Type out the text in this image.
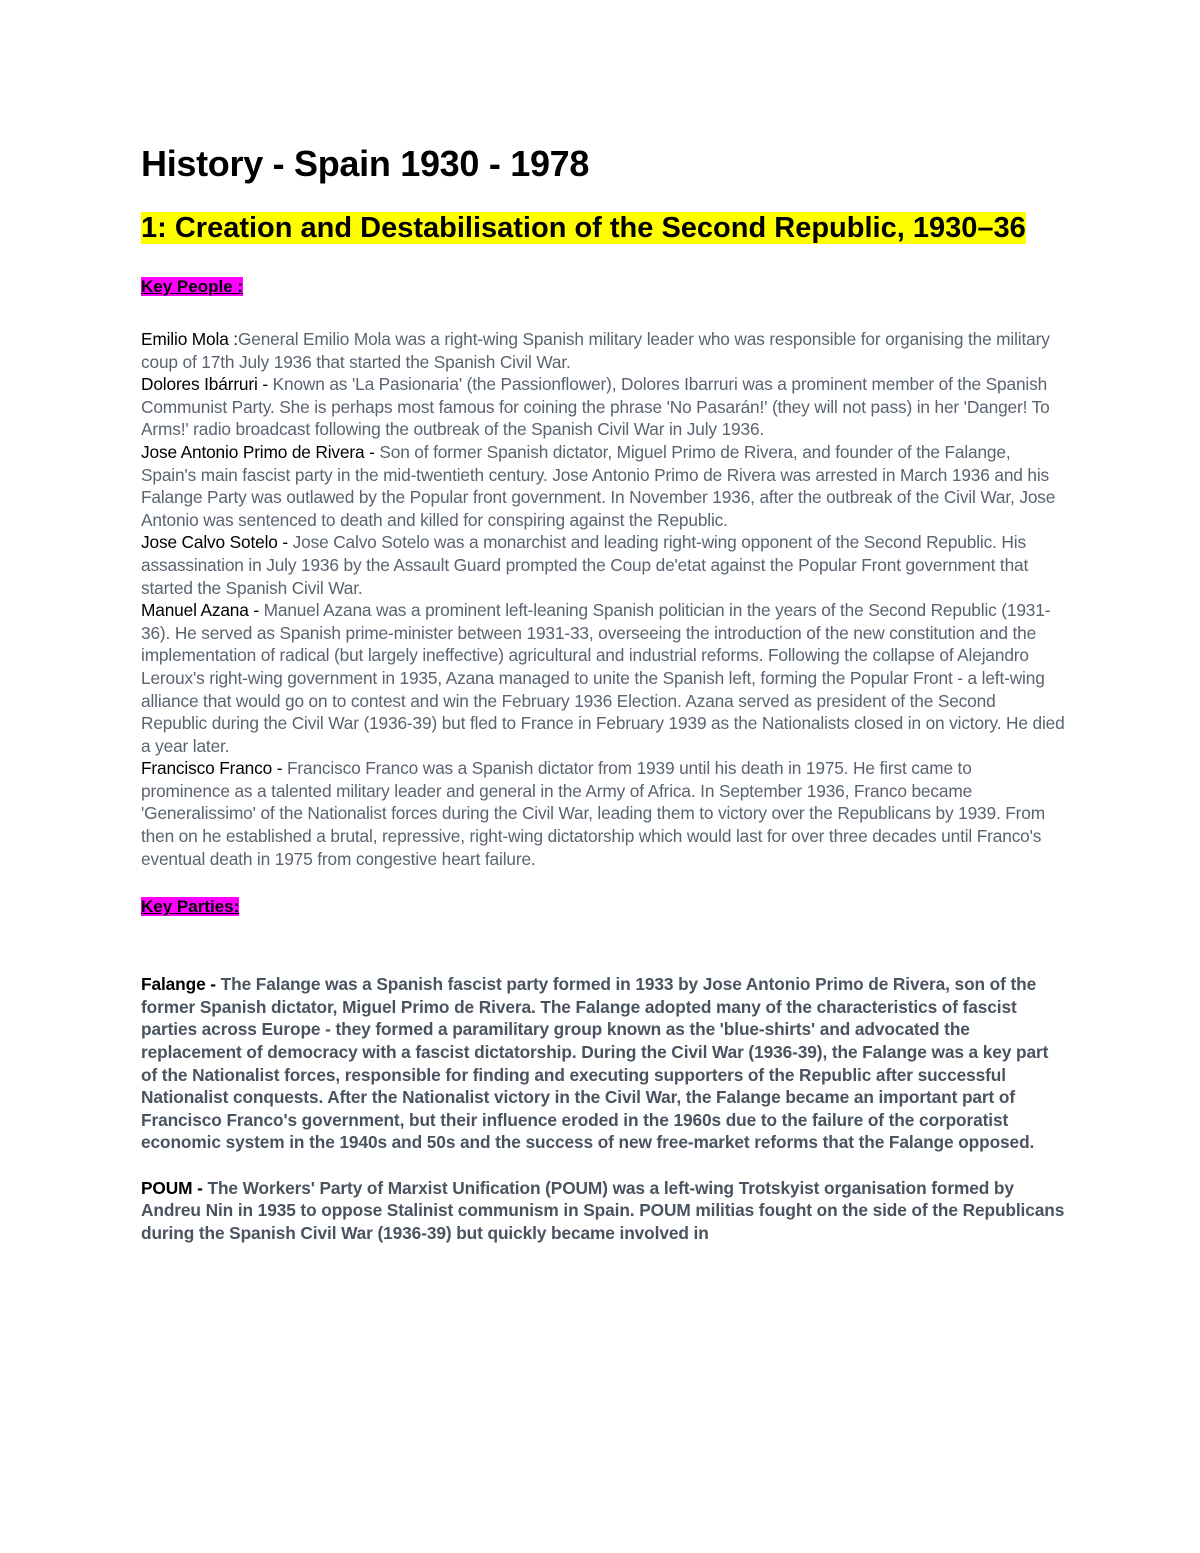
History - Spain 1930 - 1978
1: Creation and Destabilisation of the Second Republic, 1930–36

Key People :

Emilio Mola :General Emilio Mola was a right-wing Spanish military leader who was responsible for organising the military coup of 17th July 1936 that started the Spanish Civil War.

Dolores Ibárruri - Known as 'La Pasionaria' (the Passionflower), Dolores Ibarruri was a prominent member of the Spanish Communist Party. She is perhaps most famous for coining the phrase 'No Pasarán!' (they will not pass) in her 'Danger! To Arms!' radio broadcast following the outbreak of the Spanish Civil War in July 1936.

Jose Antonio Primo de Rivera - Son of former Spanish dictator, Miguel Primo de Rivera, and founder of the Falange, Spain's main fascist party in the mid-twentieth century. Jose Antonio Primo de Rivera was arrested in March 1936 and his Falange Party was outlawed by the Popular front government. In November 1936, after the outbreak of the Civil War, Jose Antonio was sentenced to death and killed for conspiring against the Republic.

Jose Calvo Sotelo - Jose Calvo Sotelo was a monarchist and leading right-wing opponent of the Second Republic. His assassination in July 1936 by the Assault Guard prompted the Coup de'etat against the Popular Front government that started the Spanish Civil War.

Manuel Azana - Manuel Azana was a prominent left-leaning Spanish politician in the years of the Second Republic (1931-36). He served as Spanish prime-minister between 1931-33, overseeing the introduction of the new constitution and the implementation of radical (but largely ineffective) agricultural and industrial reforms. Following the collapse of Alejandro Leroux's right-wing government in 1935, Azana managed to unite the Spanish left, forming the Popular Front - a left-wing alliance that would go on to contest and win the February 1936 Election. Azana served as president of the Second Republic during the Civil War (1936-39) but fled to France in February 1939 as the Nationalists closed in on victory. He died a year later.

Francisco Franco - Francisco Franco was a Spanish dictator from 1939 until his death in 1975. He first came to prominence as a talented military leader and general in the Army of Africa. In September 1936, Franco became 'Generalissimo' of the Nationalist forces during the Civil War, leading them to victory over the Republicans by 1939. From then on he established a brutal, repressive, right-wing dictatorship which would last for over three decades until Franco's eventual death in 1975 from congestive heart failure.

Key Parties:

Falange - The Falange was a Spanish fascist party formed in 1933 by Jose Antonio Primo de Rivera, son of the former Spanish dictator, Miguel Primo de Rivera. The Falange adopted many of the characteristics of fascist parties across Europe - they formed a paramilitary group known as the 'blue-shirts' and advocated the replacement of democracy with a fascist dictatorship. During the Civil War (1936-39), the Falange was a key part of the Nationalist forces, responsible for finding and executing supporters of the Republic after successful Nationalist conquests. After the Nationalist victory in the Civil War, the Falange became an important part of Francisco Franco's government, but their influence eroded in the 1960s due to the failure of the corporatist economic system in the 1940s and 50s and the success of new free-market reforms that the Falange opposed.

POUM - The Workers' Party of Marxist Unification (POUM) was a left-wing Trotskyist organisation formed by Andreu Nin in 1935 to oppose Stalinist communism in Spain. POUM militias fought on the side of the Republicans during the Spanish Civil War (1936-39) but quickly became involved in
